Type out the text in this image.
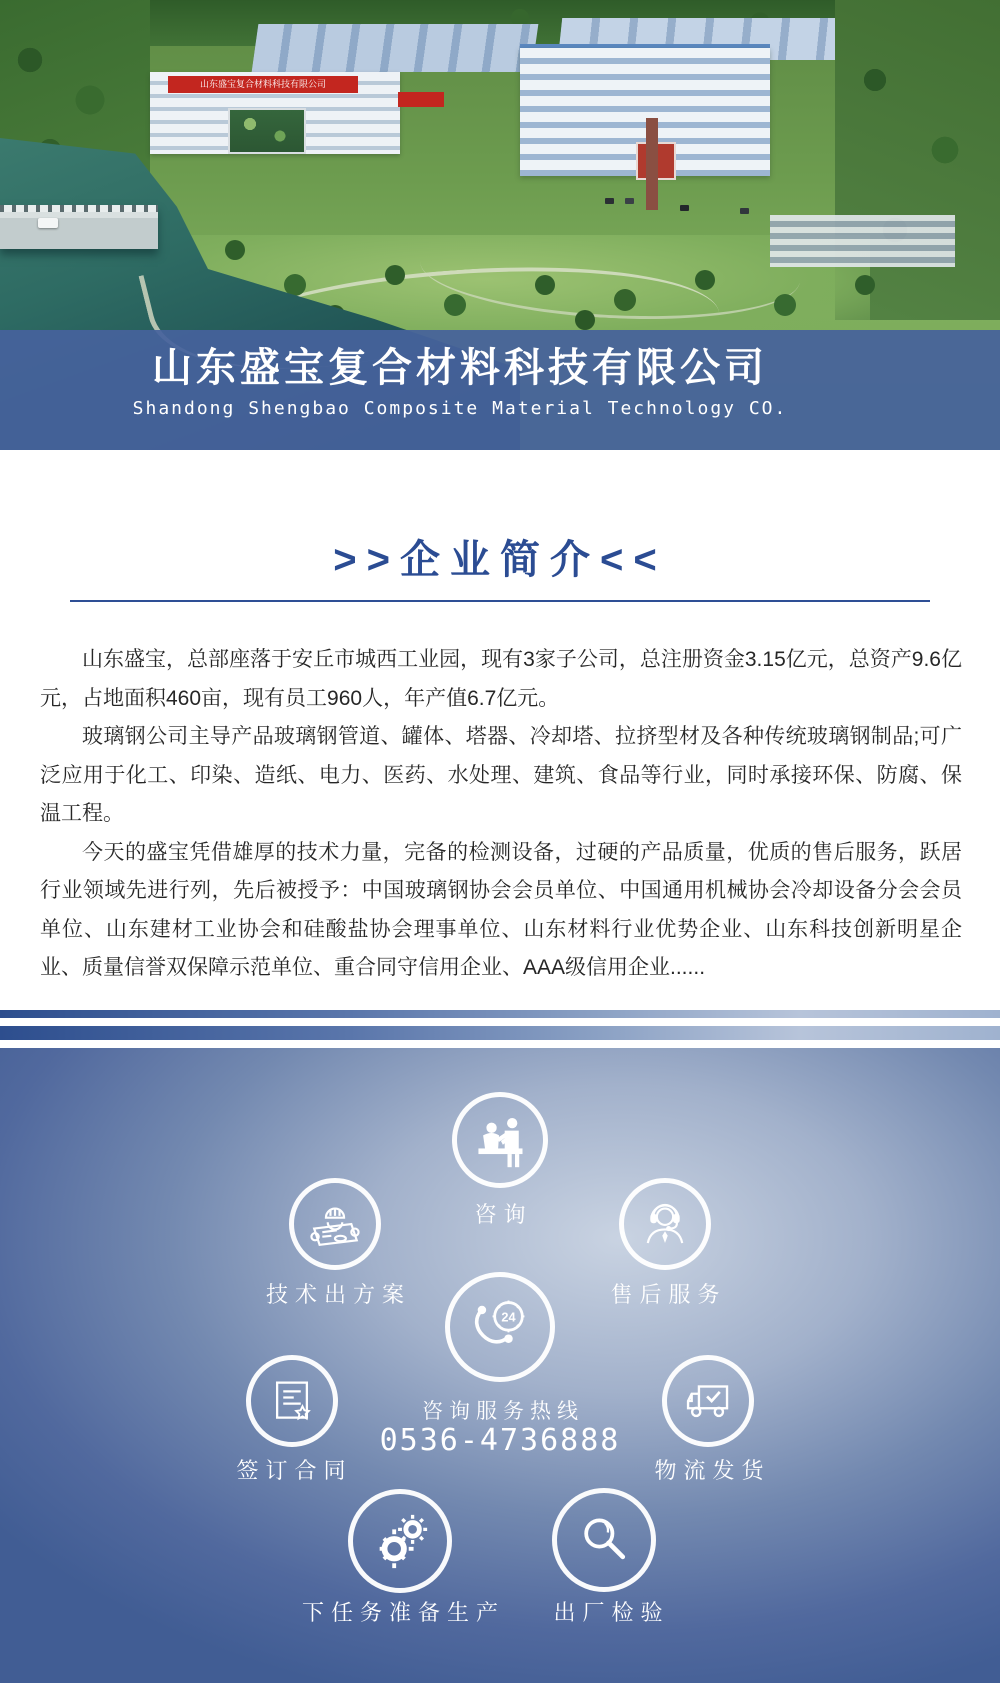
山东盛宝复合材料科技有限公司
山东盛宝复合材料科技有限公司
Shandong Shengbao Composite Material Technology CO.
>>企业简介<<

山东盛宝，总部座落于安丘市城西工业园，现有3家子公司，总注册资金3.15亿元，总资产9.6亿元，占地面积460亩，现有员工960人，年产值6.7亿元。

玻璃钢公司主导产品玻璃钢管道、罐体、塔器、冷却塔、拉挤型材及各种传统玻璃钢制品;可广泛应用于化工、印染、造纸、电力、医药、水处理、建筑、食品等行业，同时承接环保、防腐、保温工程。

今天的盛宝凭借雄厚的技术力量，完备的检测设备，过硬的产品质量，优质的售后服务，跃居行业领域先进行列，先后被授予：中国玻璃钢协会会员单位、中国通用机械协会冷却设备分会会员单位、山东建材工业协会和硅酸盐协会理事单位、山东材料行业优势企业、山东科技创新明星企业、质量信誉双保障示范单位、重合同守信用企业、AAA级信用企业......

咨询
技术出方案	售后服务
24
咨询服务热线
0536-4736888
签订合同	物流发货
下任务准备生产	出厂检验
